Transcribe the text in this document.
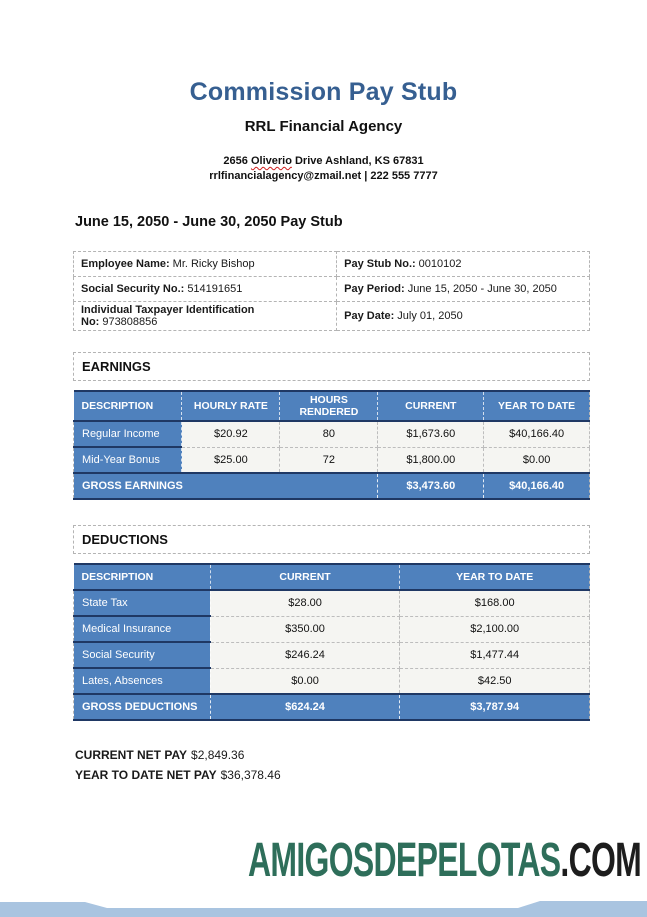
Commission Pay Stub
RRL Financial Agency
2656 Oliverio Drive Ashland, KS 67831
rrlfinancialagency@zmail.net | 222 555 7777
June 15, 2050 - June 30, 2050 Pay Stub
Employee Name: Mr. Ricky Bishop	Pay Stub No.: 0010102
Social Security No.: 514191651	Pay Period: June 15, 2050 - June 30, 2050
Individual Taxpayer Identification No: 973808856	Pay Date: July 01, 2050
EARNINGS
DESCRIPTION	HOURLY RATE	HOURS RENDERED	CURRENT	YEAR TO DATE
Regular Income	$20.92	80	$1,673.60	$40,166.40
Mid-Year Bonus	$25.00	72	$1,800.00	$0.00
GROSS EARNINGS			$3,473.60	$40,166.40
DEDUCTIONS
DESCRIPTION	CURRENT	YEAR TO DATE
State Tax	$28.00	$168.00
Medical Insurance	$350.00	$2,100.00
Social Security	$246.24	$1,477.44
Lates, Absences	$0.00	$42.50
GROSS DEDUCTIONS	$624.24	$3,787.94
CURRENT NET PAY $2,849.36
YEAR TO DATE NET PAY $36,378.46
AMIGOSDEPELOTAS.COM
